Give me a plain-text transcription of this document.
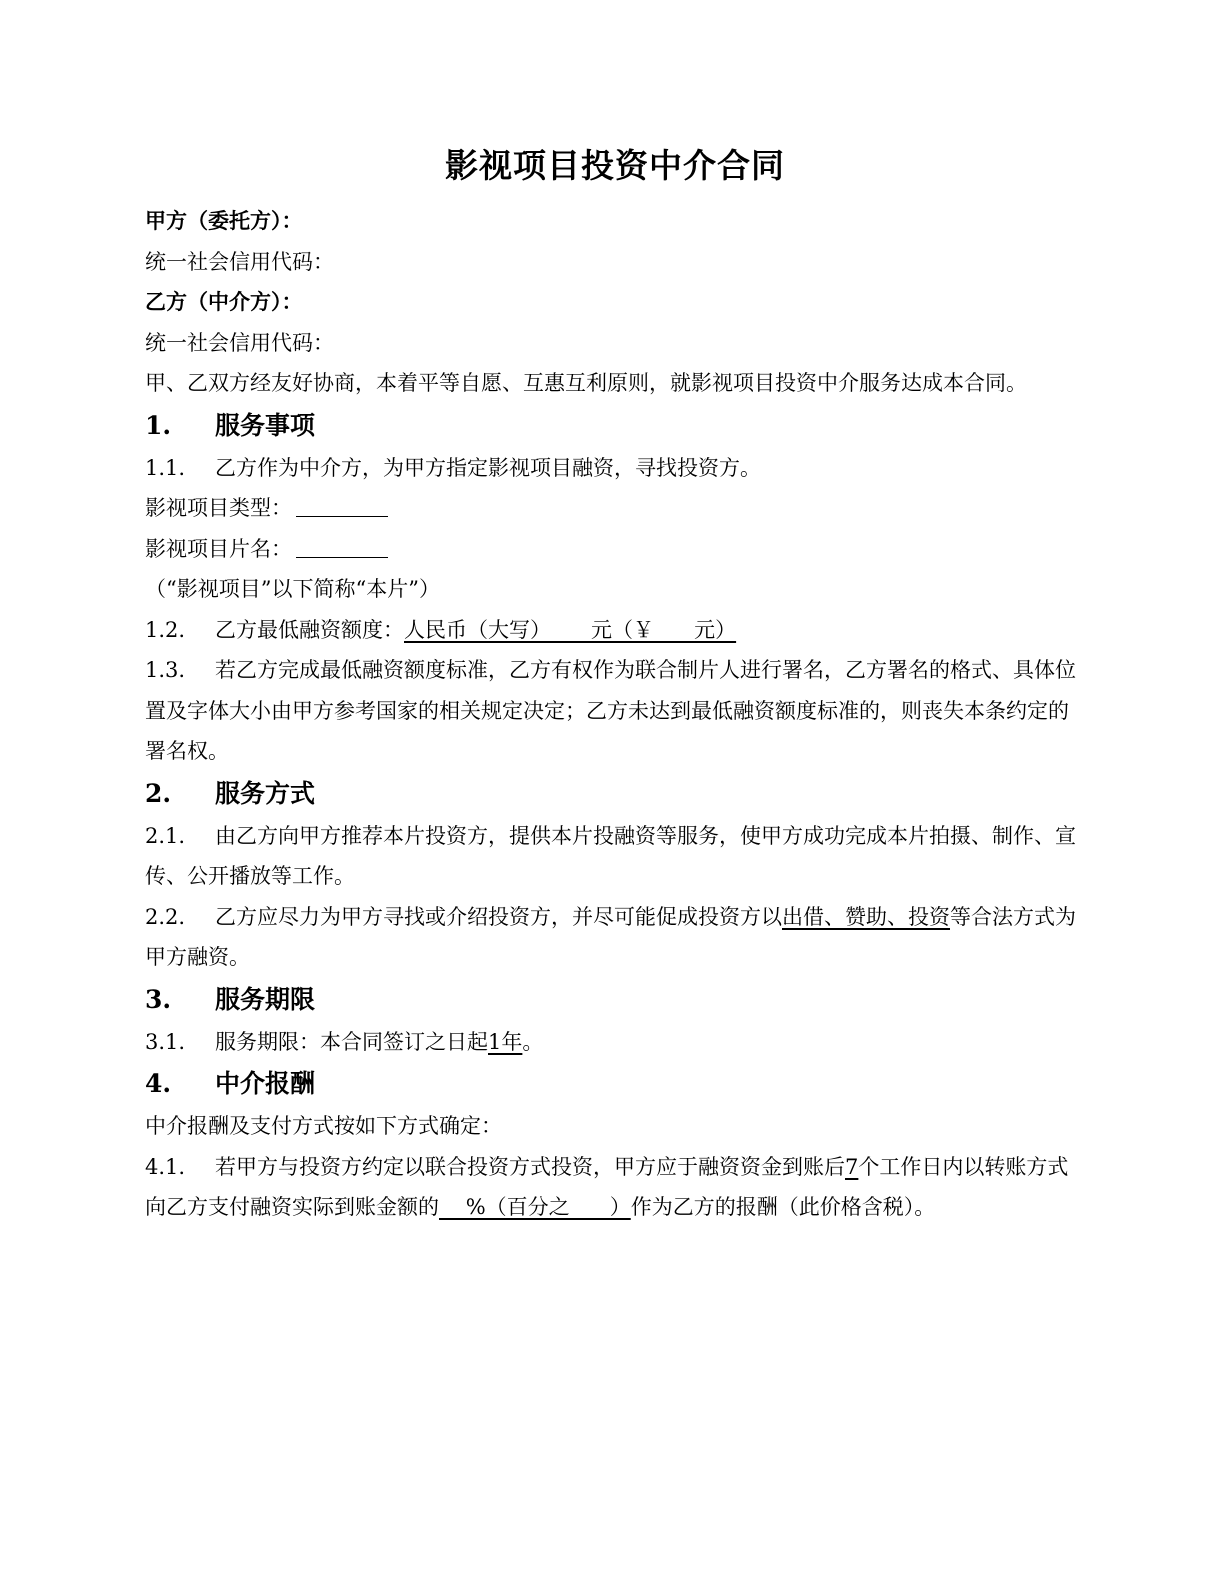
影视项目投资中介合同

甲方（委托方）：

统一社会信用代码：

乙方（中介方）：

统一社会信用代码：

甲、乙双方经友好协商，本着平等自愿、互惠互利原则，就影视项目投资中介服务达成本合同。

1. 服务事项

1.1. 乙方作为中介方，为甲方指定影视项目融资，寻找投资方。

影视项目类型：

影视项目片名：

（“影视项目”以下简称“本片”）

1.2. 乙方最低融资额度：人民币（大写）      元（￥      元）

1.3. 若乙方完成最低融资额度标准，乙方有权作为联合制片人进行署名，乙方署名的格式、具体位置及字体大小由甲方参考国家的相关规定决定；乙方未达到最低融资额度标准的，则丧失本条约定的署名权。

2. 服务方式

2.1. 由乙方向甲方推荐本片投资方，提供本片投融资等服务，使甲方成功完成本片拍摄、制作、宣传、公开播放等工作。

2.2. 乙方应尽力为甲方寻找或介绍投资方，并尽可能促成投资方以出借、赞助、投资等合法方式为甲方融资。

3. 服务期限

3.1. 服务期限：本合同签订之日起1年。

4. 中介报酬

中介报酬及支付方式按如下方式确定：

4.1. 若甲方与投资方约定以联合投资方式投资，甲方应于融资资金到账后7个工作日内以转账方式向乙方支付融资实际到账金额的    %（百分之      ）作为乙方的报酬（此价格含税）。
